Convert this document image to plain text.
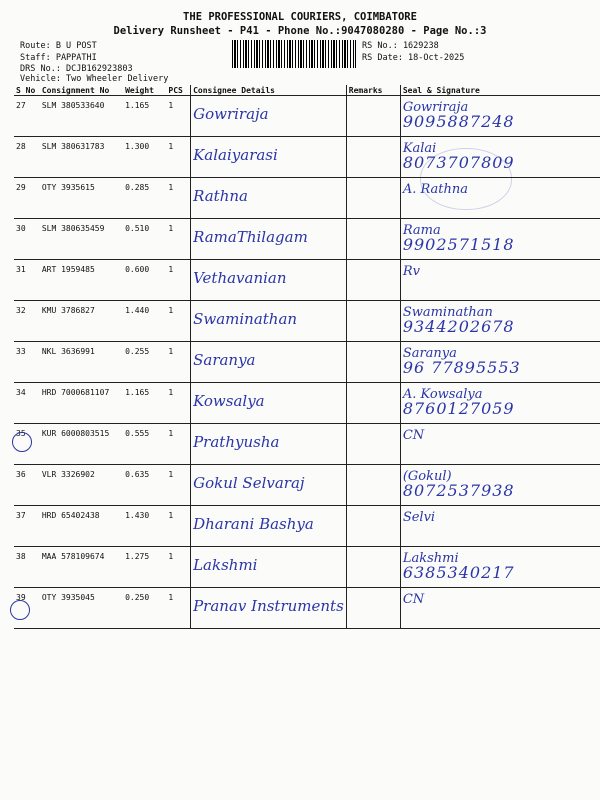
THE PROFESSIONAL COURIERS, COIMBATORE
Delivery Runsheet - P41 - Phone No.:9047080280 - Page No.:3
Route: B U POST
Staff: PAPPATHI
DRS No.: DCJB162923803
Vehicle: Two Wheeler Delivery
RS No.: 1629238
RS Date: 18-Oct-2025
S No	Consignment No	Weight	PCS	Consignee Details	Remarks	Seal & Signature
27	SLM 380533640	1.165	1	Gowriraja		Gowriraja
9095887248

28	SLM 380631783	1.300	1	Kalaiyarasi		Kalai
8073707809

29	OTY 3935615	0.285	1	Rathna		A. Rathna

30	SLM 380635459	0.510	1	RamaThilagam		Rama
9902571518

31	ART 1959485	0.600	1	Vethavanian		Rv

32	KMU 3786827	1.440	1	Swaminathan		Swaminathan
9344202678

33	NKL 3636991	0.255	1	Saranya		Saranya
96 77895553

34	HRD 7000681107	1.165	1	Kowsalya		A. Kowsalya
8760127059

35	KUR 6000803515	0.555	1	Prathyusha		CN

36	VLR 3326902	0.635	1	Gokul Selvaraj		(Gokul)
8072537938

37	HRD 65402438	1.430	1	Dharani Bashya		Selvi

38	MAA 578109674	1.275	1	Lakshmi		Lakshmi
6385340217

39	OTY 3935045	0.250	1	Pranav Instruments		CN
